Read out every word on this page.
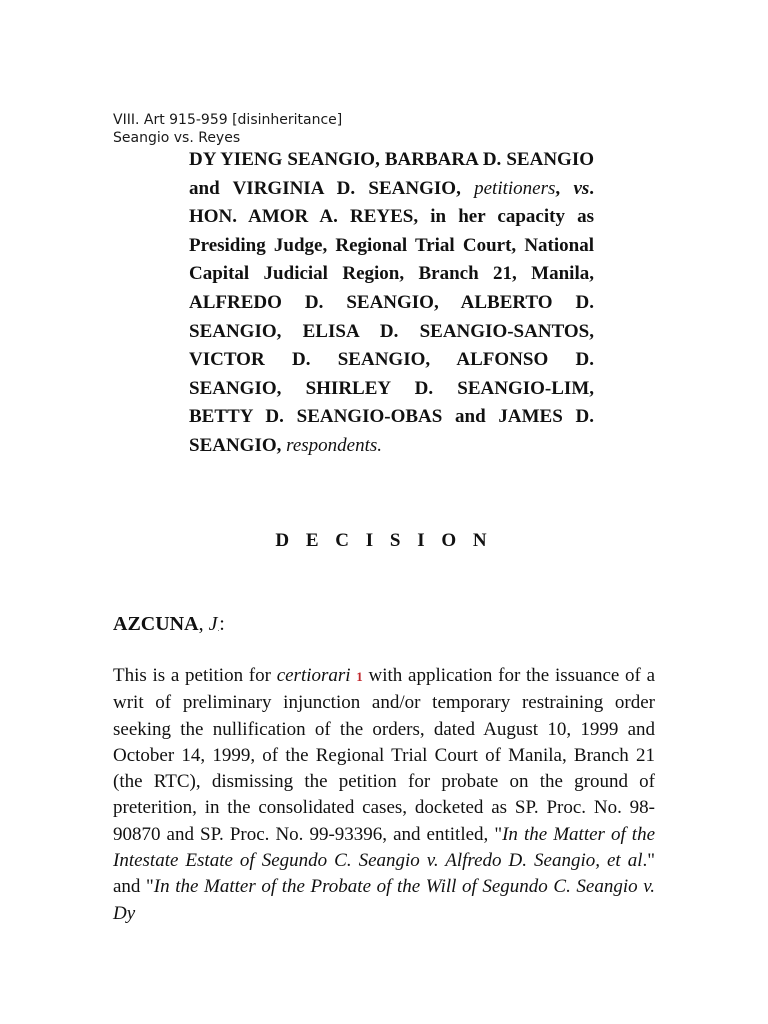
VIII. Art 915-959 [disinheritance]

Seangio vs. Reyes

DY YIENG SEANGIO, BARBARA D. SEANGIO and VIRGINIA D. SEANGIO, petitioners, vs. HON. AMOR A. REYES, in her capacity as Presiding Judge, Regional Trial Court, National Capital Judicial Region, Branch 21, Manila, ALFREDO D. SEANGIO, ALBERTO D. SEANGIO, ELISA D. SEANGIO-SANTOS, VICTOR D. SEANGIO, ALFONSO D. SEANGIO, SHIRLEY D. SEANGIO-LIM, BETTY D. SEANGIO-OBAS and JAMES D. SEANGIO, respondents.

D E C I S I O N

AZCUNA, $J_.$:

This is a petition for certiorari 1 with application for the issuance of a writ of preliminary injunction and/or temporary restraining order seeking the nullification of the orders, dated August 10, 1999 and October 14, 1999, of the Regional Trial Court of Manila, Branch 21 (the RTC), dismissing the petition for probate on the ground of preterition, in the consolidated cases, docketed as SP. Proc. No. 98-90870 and SP. Proc. No. 99-93396, and entitled, "In the Matter of the Intestate Estate of Segundo C. Seangio v. Alfredo D. Seangio, et al." and "In the Matter of the Probate of the Will of Segundo C. Seangio v. Dy
